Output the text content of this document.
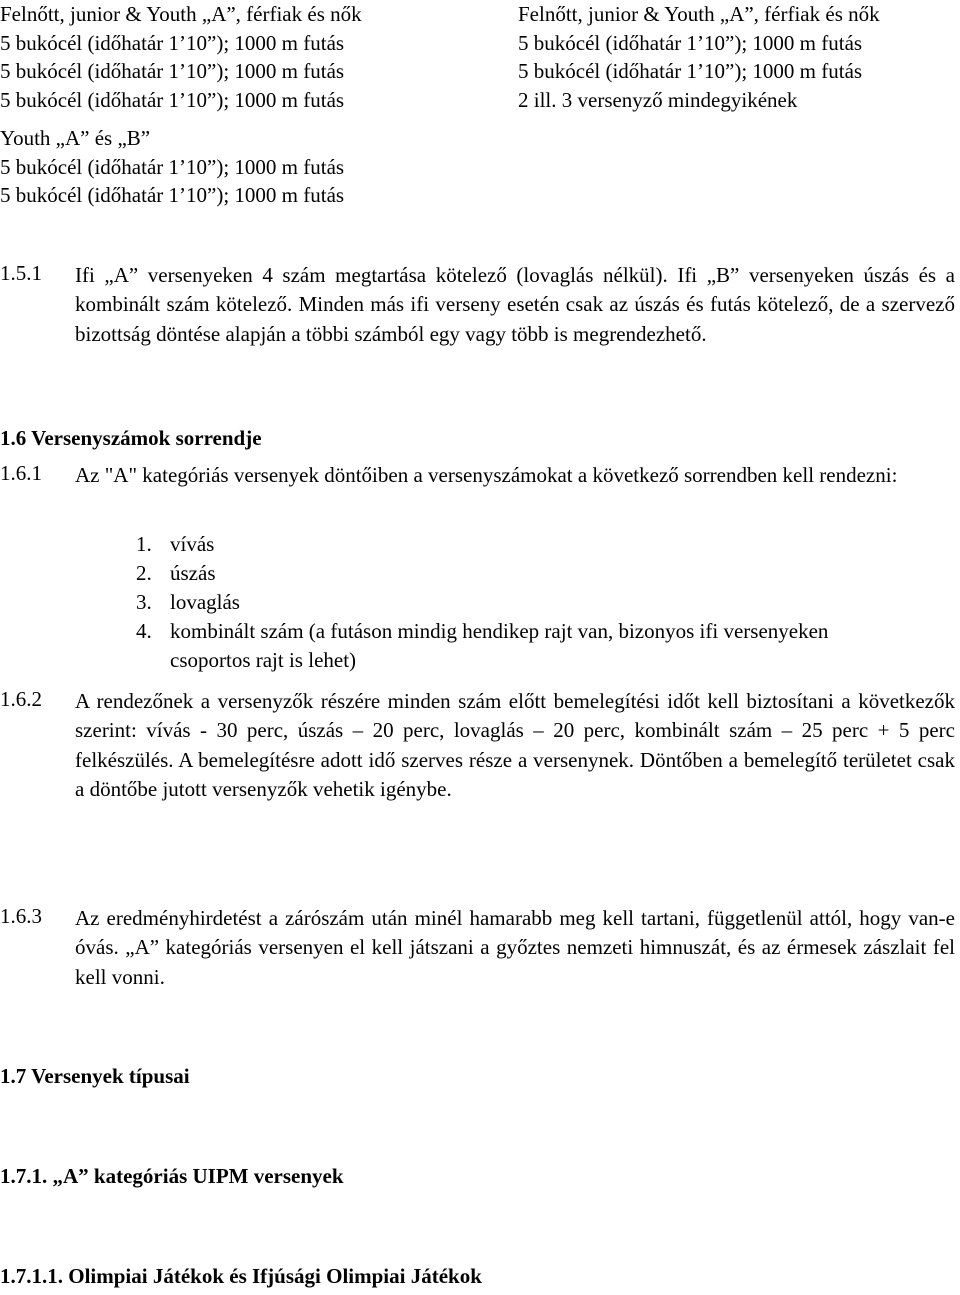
Felnőtt, junior & Youth „A”, férfiak és nők
5 bukócél (időhatár 1’10”); 1000 m futás
5 bukócél (időhatár 1’10”); 1000 m futás
5 bukócél (időhatár 1’10”); 1000 m futás
Felnőtt, junior & Youth „A”, férfiak és nők
5 bukócél (időhatár 1’10”); 1000 m futás
5 bukócél (időhatár 1’10”); 1000 m futás
2 ill. 3 versenyző mindegyikének
Youth „A” és „B”
5 bukócél (időhatár 1’10”); 1000 m futás
5 bukócél (időhatár 1’10”); 1000 m futás
1.5.1 Ifi „A” versenyeken 4 szám megtartása kötelező (lovaglás nélkül). Ifi „B” versenyeken úszás és a kombinált szám kötelező. Minden más ifi verseny esetén csak az úszás és futás kötelező, de a szervező bizottság döntése alapján a többi számból egy vagy több is megrendezhető.
1.6 Versenyszámok sorrendje
1.6.1 Az "A" kategóriás versenyek döntőiben a versenyszámokat a következő sorrendben kell rendezni:
1. vívás
2. úszás
3. lovaglás
4. kombinált szám (a futáson mindig hendikep rajt van, bizonyos ifi versenyeken csoportos rajt is lehet)
1.6.2 A rendezőnek a versenyzők részére minden szám előtt bemelegítési időt kell biztosítani a következők szerint: vívás - 30 perc, úszás – 20 perc, lovaglás – 20 perc, kombinált szám – 25 perc + 5 perc felkészülés. A bemelegítésre adott idő szerves része a versenynek. Döntőben a bemelegítő területet csak a döntőbe jutott versenyzők vehetik igénybe.
1.6.3 Az eredményhirdetést a zárószám után minél hamarabb meg kell tartani, függetlenül attól, hogy van-e óvás. „A” kategóriás versenyen el kell játszani a győztes nemzeti himnuszát, és az érmesek zászlait fel kell vonni.
1.7 Versenyek típusai
1.7.1. „A” kategóriás UIPM versenyek
1.7.1.1. Olimpiai Játékok és Ifjúsági Olimpiai Játékok
